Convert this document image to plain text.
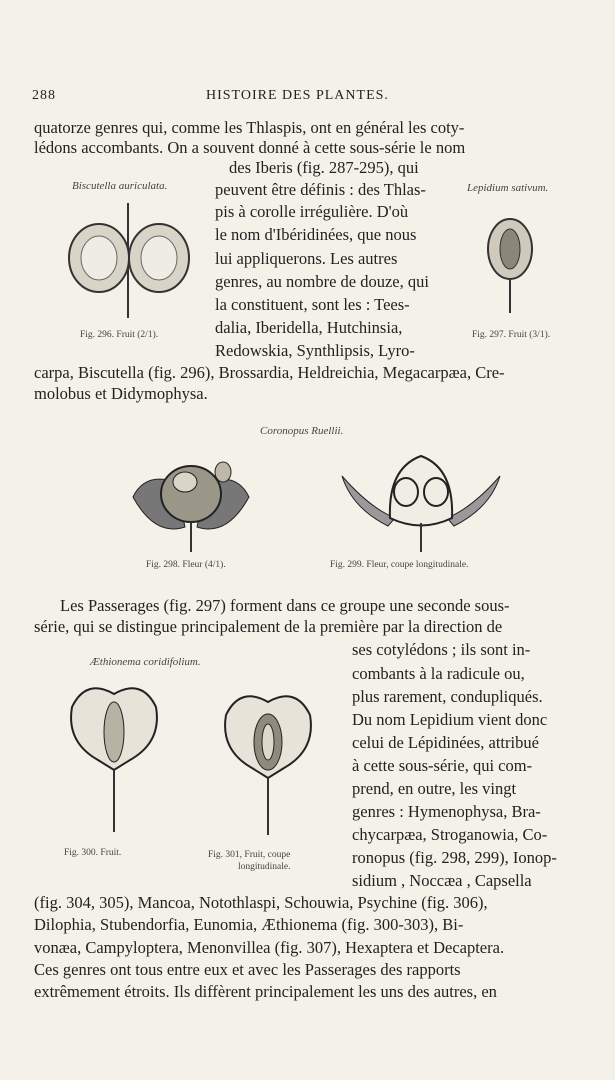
288	HISTOIRE DES PLANTES.
quatorze genres qui, comme les Thlaspis, ont en général les coty-
lédons accombants. On a souvent donné à cette sous-série le nom
des Iberis (fig. 287-295), qui
peuvent être définis : des Thlas-
pis à corolle irrégulière. D'où
le nom d'Ibéridinées, que nous
lui appliquerons. Les autres
genres, au nombre de douze, qui
la constituent, sont les : Tees-
dalia, Iberidella, Hutchinsia,
Redowskia, Synthlipsis, Lyro-
carpa, Biscutella (fig. 296), Brossardia, Heldreichia, Megacarpæa, Cre-
molobus et Didymophysa.
Biscutella auriculata.
Fig. 296. Fruit (2/1).
Lepidium sativum.
Fig. 297. Fruit (3/1).
Coronopus Ruellii.
Fig. 298. Fleur (4/1).	Fig. 299. Fleur, coupe longitudinale.
Les Passerages (fig. 297) forment dans ce groupe une seconde sous-
série, qui se distingue principalement de la première par la direction de
ses cotylédons ; ils sont in-
combants à la radicule ou,
plus rarement, condupliqués.
Du nom Lepidium vient donc
celui de Lépidinées, attribué
à cette sous-série, qui com-
prend, en outre, les vingt
genres : Hymenophysa, Bra-
chycarpæa, Stroganowia, Co-
ronopus (fig. 298, 299), Ionop-
sidium , Noccæa , Capsella
(fig. 304, 305), Mancoa, Notothlaspi, Schouwia, Psychine (fig. 306),
Dilophia, Stubendorfia, Eunomia, Æthionema (fig. 300-303), Bi-
vonæa, Campyloptera, Menonvillea (fig. 307), Hexaptera et Decaptera.
Ces genres ont tous entre eux et avec les Passerages des rapports
extrêmement étroits. Ils diffèrent principalement les uns des autres, en
Æthionema coridifolium.
Fig. 300. Fruit.	Fig. 301, Fruit, coupe
longitudinale.
